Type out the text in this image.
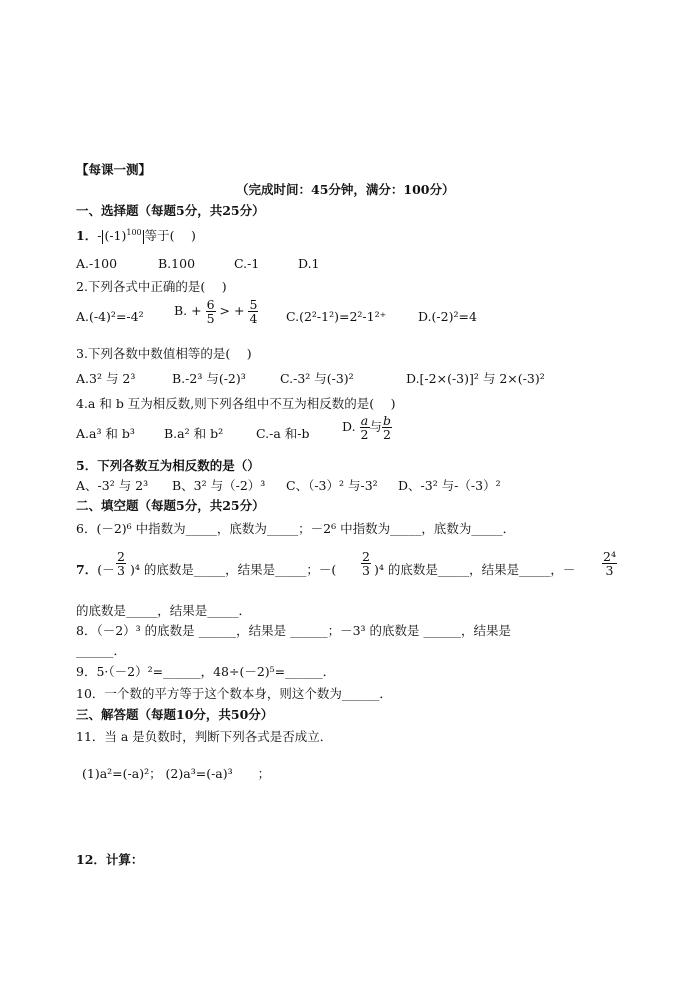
【每课一测】
（完成时间：45分钟，满分：100分）
一、选择题（每题5分，共25分）
1．- $(-1)^{100}$ 等于(　 )
A.-100	B.100	C.-1	D.1
2.下列各式中正确的是(　 )
A.(-4)²=-4² B. + $\frac{6}{5}$ > + $\frac{5}{4} C.(2^2-1^2)=2^2-1^{2+}$	D.(-2)²=4
3.下列各数中数值相等的是(　 )
A.3² 与 2³	B.-2³ 与(-2)³	C.-3² 与(-3)²	D.[-2×(-3)]² 与 2×(-3)²
4.a 和 b 互为相反数,则下列各组中不互为相反数的是(　 )
A.a³ 和 b³ B.a² 和 b²	C.-a 和-b	D. $\frac{a}{2}$ 与 $\frac{b}{2}$
5．下列各数互为相反数的是（）
A、-3² 与 2³ B、3² 与（-2）³ C、（-3）² 与-3² D、-3² 与-（-3）²
二、填空题（每题5分，共25分）
6．(－2)⁶ 中指数为_____，底数为_____；－2⁶ 中指数为_____，底数为_____．
7．(－ $\frac{2}{3} )^4$ 的底数是_____，结果是_____；－( $\frac{2}{3} )^4$ 的底数是_____，结果是_____，－ $\frac{\text{2⁴}}{3}$
的底数是_____，结果是_____．
8．（－2）³ 的底数是 ______，结果是 ______；－3³ 的底数是 ______，结果是
______．
9．5·（－2）²=______，48÷(－2)⁵=______．
10．一个数的平方等于这个数本身，则这个数为______．
三、解答题（每题10分，共50分）
11．当 a 是负数时，判断下列各式是否成立．
(1)a²=(-a)²； (2)a³=(-a)³　　；
12．计算：
